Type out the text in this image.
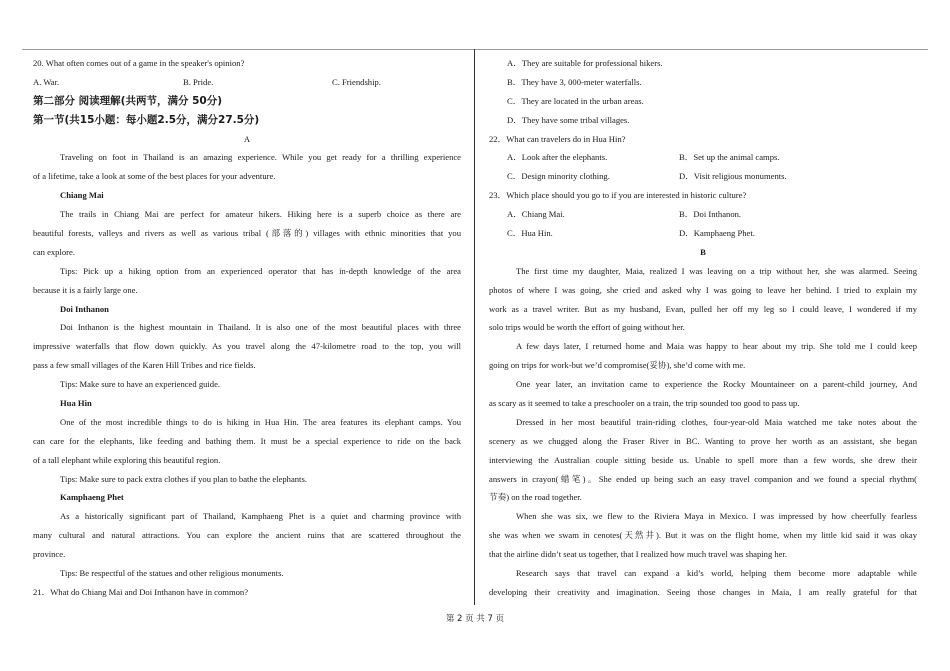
20. What often comes out of a game in the speaker's opinion?
A. War.	B. Pride.	C. Friendship.
第二部分 阅读理解(共两节，满分 50分)
第一节(共15小题：每小题2.5分，满分27.5分)
A
Traveling on foot in Thailand is an amazing experience. While you get ready for a thrilling experience
of a lifetime, take a look at some of the best places for your adventure.
Chiang Mai
The trails in Chiang Mai are perfect for amateur hikers. Hiking here is a superb choice as there are
beautiful forests, valleys and rivers as well as various tribal (部落的) villages with ethnic minorities that you
can explore.
Tips: Pick up a hiking option from an experienced operator that has in-depth knowledge of the area
because it is a fairly large one.
Doi Inthanon
Doi Inthanon is the highest mountain in Thailand. It is also one of the most beautiful places with three
impressive waterfalls that flow down quickly. As you travel along the 47-kilometre road to the top, you will
pass a few small villages of the Karen Hill Tribes and rice fields.
Tips: Make sure to have an experienced guide.
Hua Hin
One of the most incredible things to do is hiking in Hua Hin. The area features its elephant camps. You
can care for the elephants, like feeding and bathing them. It must be a special experience to ride on the back
of a tall elephant while exploring this beautiful region.
Tips: Make sure to pack extra clothes if you plan to bathe the elephants.
Kamphaeng Phet
As a historically significant part of Thailand, Kamphaeng Phet is a quiet and charming province with
many cultural and natural attractions. You can explore the ancient ruins that are scattered throughout the
province.
Tips: Be respectful of the statues and other religious monuments.
21．What do Chiang Mai and Doi Inthanon have in common?
A．They are suitable for professional hikers.
B．They have 3, 000-meter waterfalls.
C．They are located in the urban areas.
D．They have some tribal villages.
22．What can travelers do in Hua Hin?
A．Look after the elephants.	B．Set up the animal camps.
C．Design minority clothing.	D．Visit religious monuments.
23．Which place should you go to if you are interested in historic culture?
A．Chiang Mai.	B．Doi Inthanon.
C．Hua Hin.	D．Kamphaeng Phet.
B
The first time my daughter, Maia, realized I was leaving on a trip without her, she was alarmed. Seeing
photos of where I was going, she cried and asked why I was going to leave her behind. I tried to explain my
work as a travel writer. But as my husband, Evan, pulled her off my leg so I could leave, I wondered if my
solo trips would be worth the effort of going without her.
A few days later, I returned home and Maia was happy to hear about my trip. She told me I could keep
going on trips for work-but we’d compromise(妥协), she’d come with me.
One year later, an invitation came to experience the Rocky Mountaineer on a parent-child journey, And
as scary as it seemed to take a preschooler on a train, the trip sounded too good to pass up.
Dressed in her most beautiful train-riding clothes, four-year-old Maia watched me take notes about the
scenery as we chugged along the Fraser River in BC. Wanting to prove her worth as an assistant, she began
interviewing the Australian couple sitting beside us. Unable to spell more than a few words, she drew their
answers in crayon(蜡笔)。She ended up being such an easy travel companion and we found a special rhythm(
节奏) on the road together.
When she was six, we flew to the Riviera Maya in Mexico. I was impressed by how cheerfully fearless
she was when we swam in cenotes(天然井). But it was on the flight home, when my little kid said it was okay
that the airline didn’t seat us together, that I realized how much travel was shaping her.
Research says that travel can expand a kid’s world, helping them become more adaptable while
developing their creativity and imagination. Seeing those changes in Maia, I am really grateful for that
第 2 页 共 7 页
